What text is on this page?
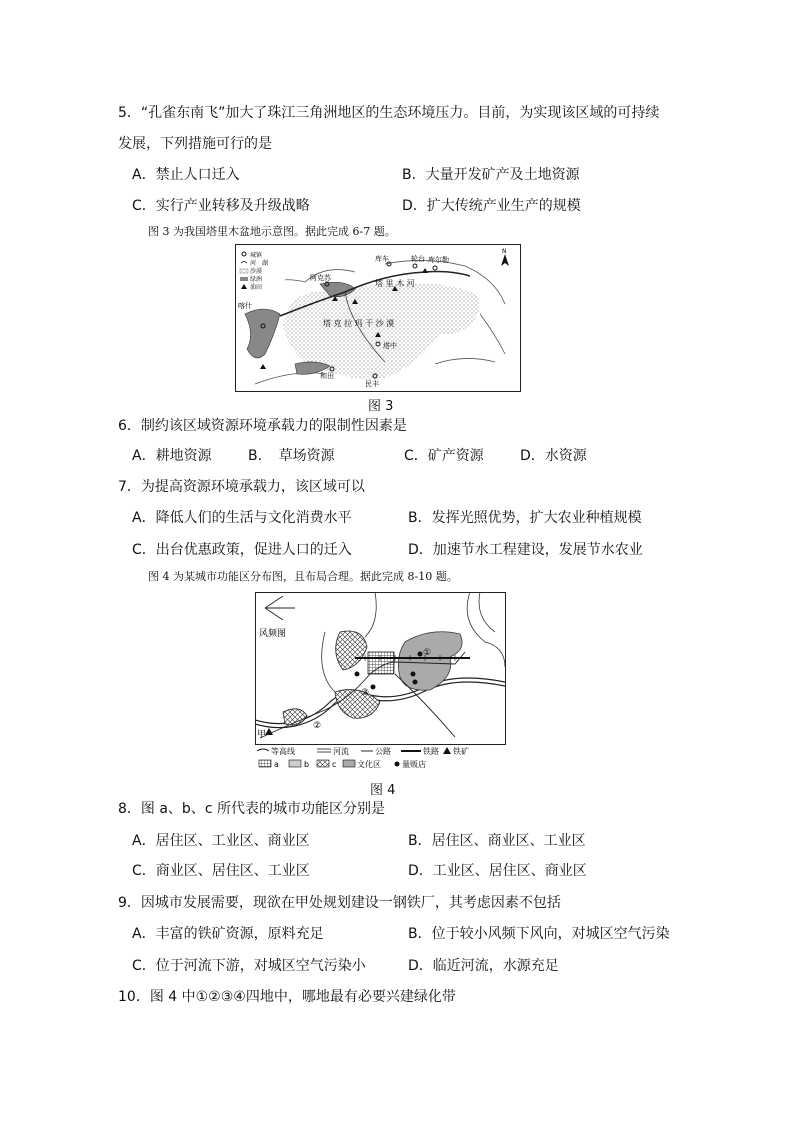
5．“孔雀东南飞”加大了珠江三角洲地区的生态环境压力。目前，为实现该区域的可持续
发展，下列措施可行的是
A．禁止人口迁入	B．大量开发矿产及土地资源
C．实行产业转移及升级战略	D．扩大传统产业生产的规模
图 3 为我国塔里木盆地示意图。据此完成 6-7 题。
城镇
河　湖
沙漠
绿洲
油田
库车	轮台 库尔勒
阿克苏
喀什
塔中
和田
民丰
塔 克 拉 玛 干 沙 漠
塔 里 木 河
N
图 3
6．制约该区域资源环境承载力的限制性因素是
A．耕地资源	B．　草场资源	C．矿产资源	D．水资源
7．为提高资源环境承载力，该区域可以
A．降低人们的生活与文化消费水平	B．发挥光照优势，扩大农业种植规模
C．出台优惠政策，促进人口的迁入	D．加速节水工程建设，发展节水农业
图 4 为某城市功能区分布图，且布局合理。据此完成 8-10 题。
风频图
①
②
③
甲
等高线	河流	公路	铁路 铁矿
a	b	c	文化区	量贩店
图 4
8．图 a、b、c 所代表的城市功能区分别是
A．居住区、工业区、商业区	B．居住区、商业区、工业区
C．商业区、居住区、工业区	D．工业区、居住区、商业区
9．因城市发展需要，现欲在甲处规划建设一钢铁厂，其考虑因素不包括
A．丰富的铁矿资源，原料充足	B．位于较小风频下风向，对城区空气污染
C．位于河流下游，对城区空气污染小	D．临近河流，水源充足
10．图 4 中①②③④四地中，哪地最有必要兴建绿化带
